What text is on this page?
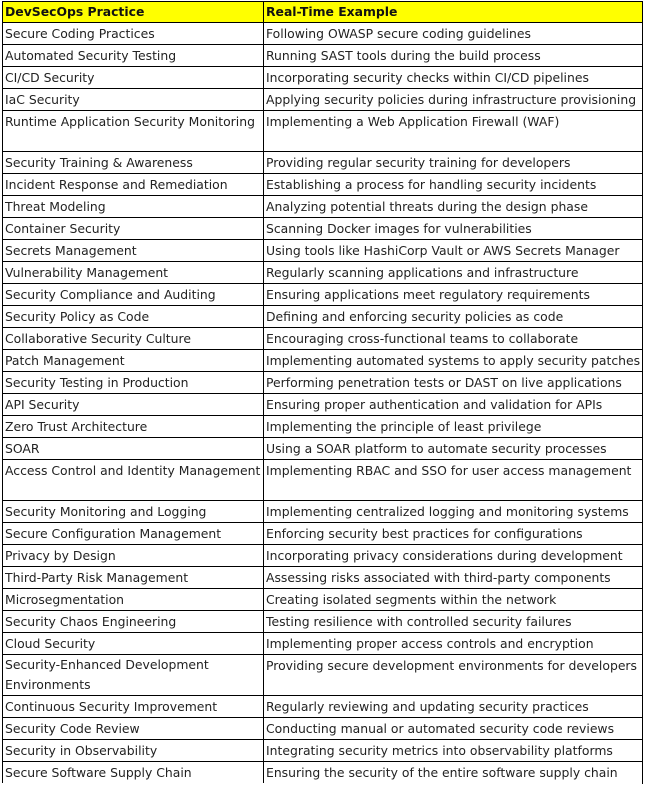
DevSecOps Practice	Real-Time Example
Secure Coding Practices	Following OWASP secure coding guidelines
Automated Security Testing	Running SAST tools during the build process
CI/CD Security	Incorporating security checks within CI/CD pipelines
IaC Security	Applying security policies during infrastructure provisioning
Runtime Application Security Monitoring	Implementing a Web Application Firewall (WAF)
Security Training & Awareness	Providing regular security training for developers
Incident Response and Remediation	Establishing a process for handling security incidents
Threat Modeling	Analyzing potential threats during the design phase
Container Security	Scanning Docker images for vulnerabilities
Secrets Management	Using tools like HashiCorp Vault or AWS Secrets Manager
Vulnerability Management	Regularly scanning applications and infrastructure
Security Compliance and Auditing	Ensuring applications meet regulatory requirements
Security Policy as Code	Defining and enforcing security policies as code
Collaborative Security Culture	Encouraging cross-functional teams to collaborate
Patch Management	Implementing automated systems to apply security patches
Security Testing in Production	Performing penetration tests or DAST on live applications
API Security	Ensuring proper authentication and validation for APIs
Zero Trust Architecture	Implementing the principle of least privilege
SOAR	Using a SOAR platform to automate security processes
Access Control and Identity Management	Implementing RBAC and SSO for user access management
Security Monitoring and Logging	Implementing centralized logging and monitoring systems
Secure Configuration Management	Enforcing security best practices for configurations
Privacy by Design	Incorporating privacy considerations during development
Third-Party Risk Management	Assessing risks associated with third-party components
Microsegmentation	Creating isolated segments within the network
Security Chaos Engineering	Testing resilience with controlled security failures
Cloud Security	Implementing proper access controls and encryption
Security-Enhanced Development Environments	Providing secure development environments for developers
Continuous Security Improvement	Regularly reviewing and updating security practices
Security Code Review	Conducting manual or automated security code reviews
Security in Observability	Integrating security metrics into observability platforms
Secure Software Supply Chain	Ensuring the security of the entire software supply chain
